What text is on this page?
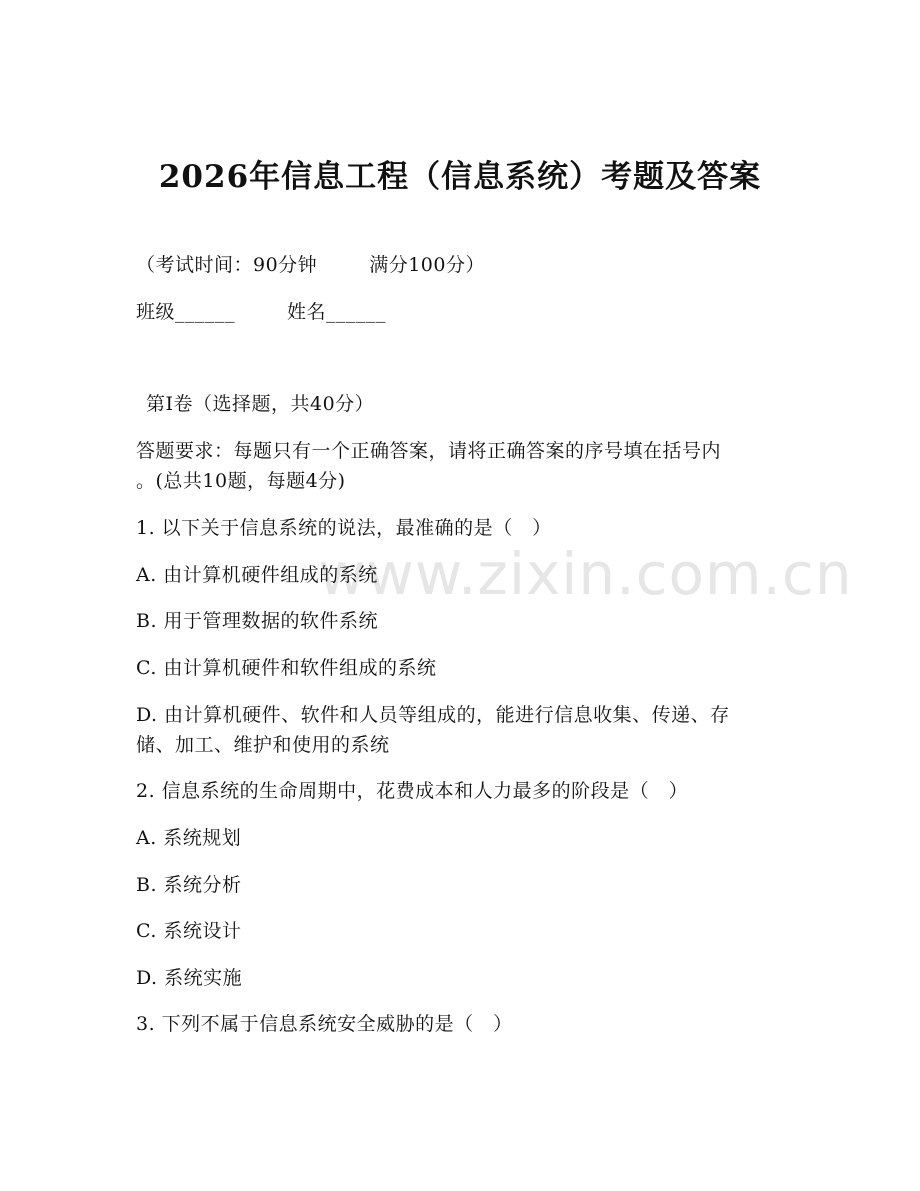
www.zixin.com.cn
2026年信息工程（信息系统）考题及答案
（考试时间：90分钟	满分100分）
班级______	姓名______
第I卷（选择题，共40分）
答题要求：每题只有一个正确答案，请将正确答案的序号填在括号内
。(总共10题，每题4分)
1. 以下关于信息系统的说法，最准确的是（　）
A. 由计算机硬件组成的系统
B. 用于管理数据的软件系统
C. 由计算机硬件和软件组成的系统
D. 由计算机硬件、软件和人员等组成的，能进行信息收集、传递、存
储、加工、维护和使用的系统
2. 信息系统的生命周期中，花费成本和人力最多的阶段是（　）
A. 系统规划
B. 系统分析
C. 系统设计
D. 系统实施
3. 下列不属于信息系统安全威胁的是（　）
